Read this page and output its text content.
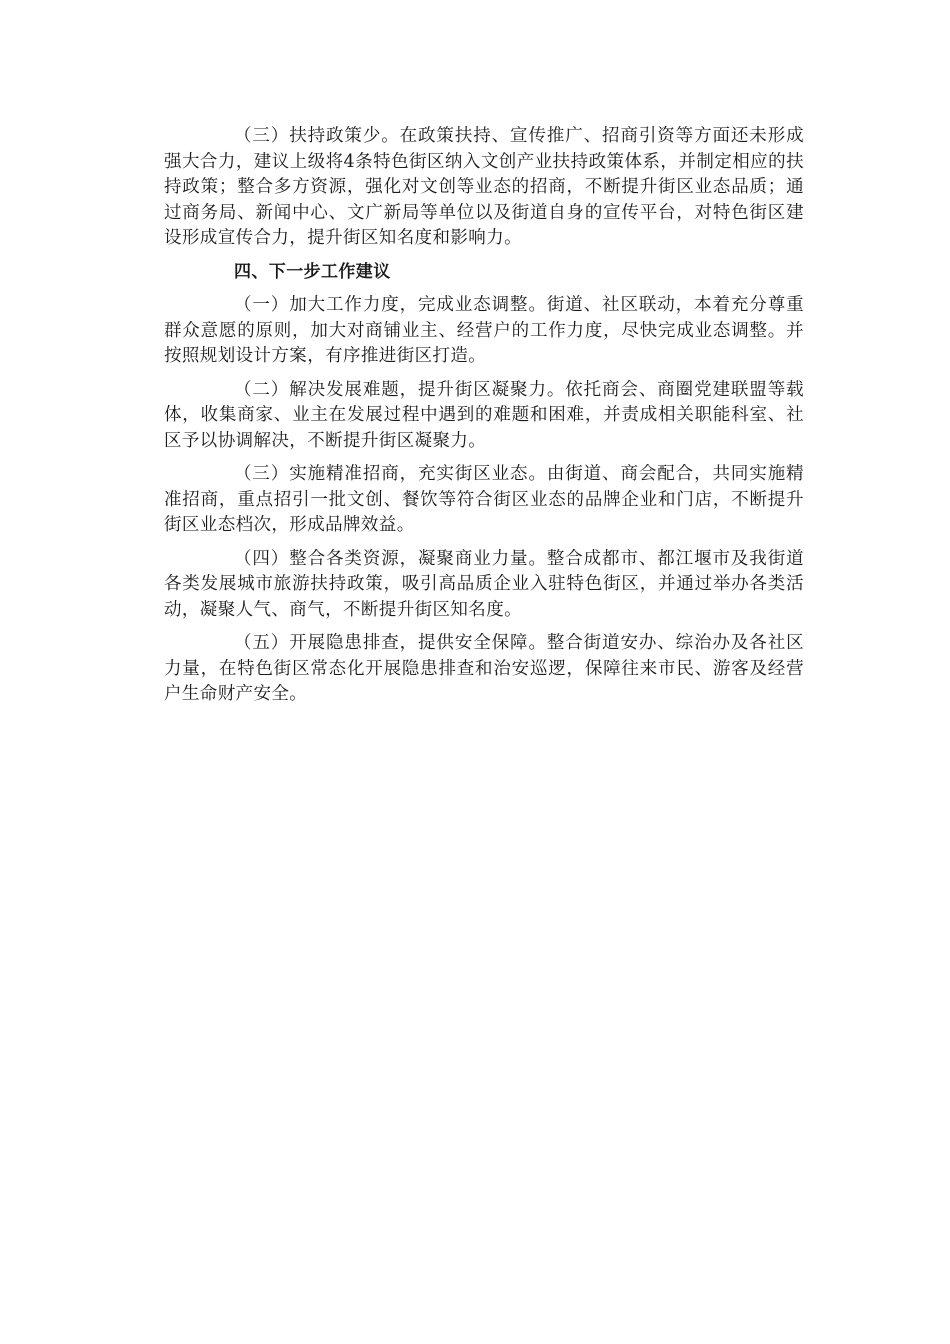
（三）扶持政策少。在政策扶持、宣传推广、招商引资等方面还未形成强大合力，建议上级将4条特色街区纳入文创产业扶持政策体系，并制定相应的扶持政策；整合多方资源，强化对文创等业态的招商，不断提升街区业态品质；通过商务局、新闻中心、文广新局等单位以及街道自身的宣传平台，对特色街区建设形成宣传合力，提升街区知名度和影响力。

四、下一步工作建议

（一）加大工作力度，完成业态调整。街道、社区联动，本着充分尊重群众意愿的原则，加大对商铺业主、经营户的工作力度，尽快完成业态调整。并按照规划设计方案，有序推进街区打造。

（二）解决发展难题，提升街区凝聚力。依托商会、商圈党建联盟等载体，收集商家、业主在发展过程中遇到的难题和困难，并责成相关职能科室、社区予以协调解决，不断提升街区凝聚力。

（三）实施精准招商，充实街区业态。由街道、商会配合，共同实施精准招商，重点招引一批文创、餐饮等符合街区业态的品牌企业和门店，不断提升街区业态档次，形成品牌效益。

（四）整合各类资源，凝聚商业力量。整合成都市、都江堰市及我街道各类发展城市旅游扶持政策，吸引高品质企业入驻特色街区，并通过举办各类活动，凝聚人气、商气，不断提升街区知名度。

（五）开展隐患排查，提供安全保障。整合街道安办、综治办及各社区力量，在特色街区常态化开展隐患排查和治安巡逻，保障往来市民、游客及经营户生命财产安全。
